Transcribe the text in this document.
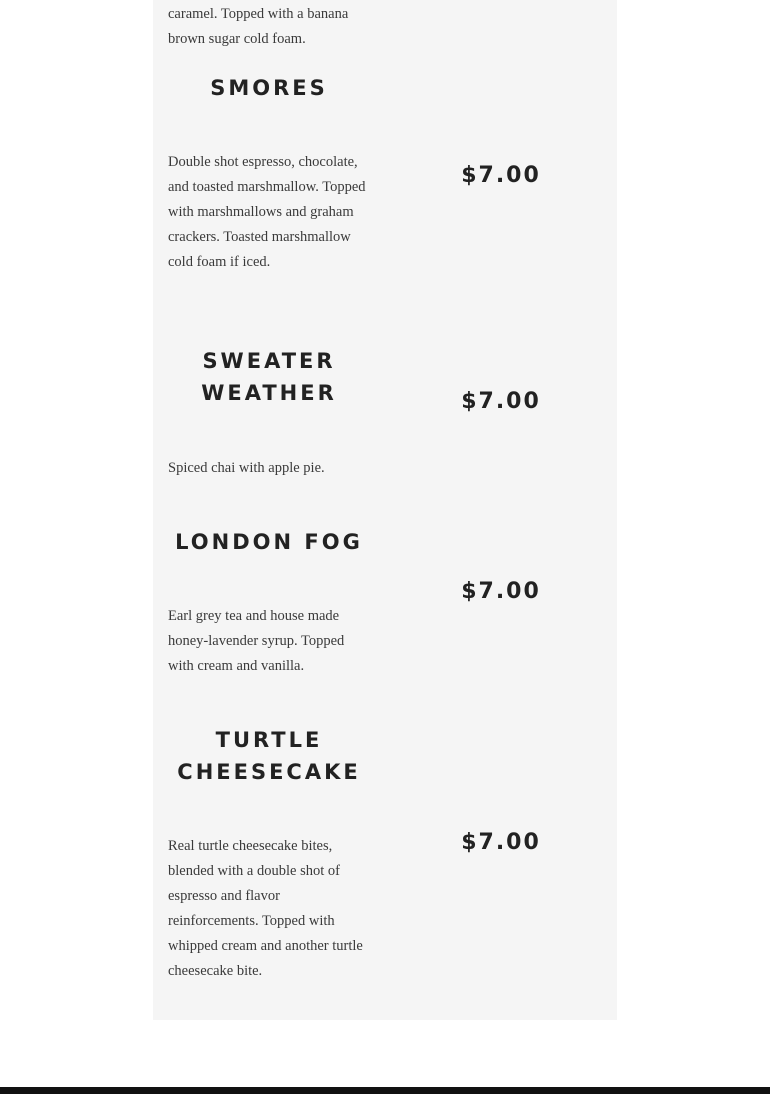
caramel. Topped with a banana brown sugar cold foam.

SMORES

Double shot espresso, chocolate, and toasted marshmallow. Topped with marshmallows and graham crackers. Toasted marshmallow cold foam if iced.

$7.00
SWEATER WEATHER	$7.00

Spiced chai with apple pie.

LONDON FOG
$7.00

Earl grey tea and house made honey-lavender syrup. Topped with cream and vanilla.

TURTLE CHEESECAKE
$7.00

Real turtle cheesecake bites, blended with a double shot of espresso and flavor reinforcements. Topped with whipped cream and another turtle cheesecake bite.
